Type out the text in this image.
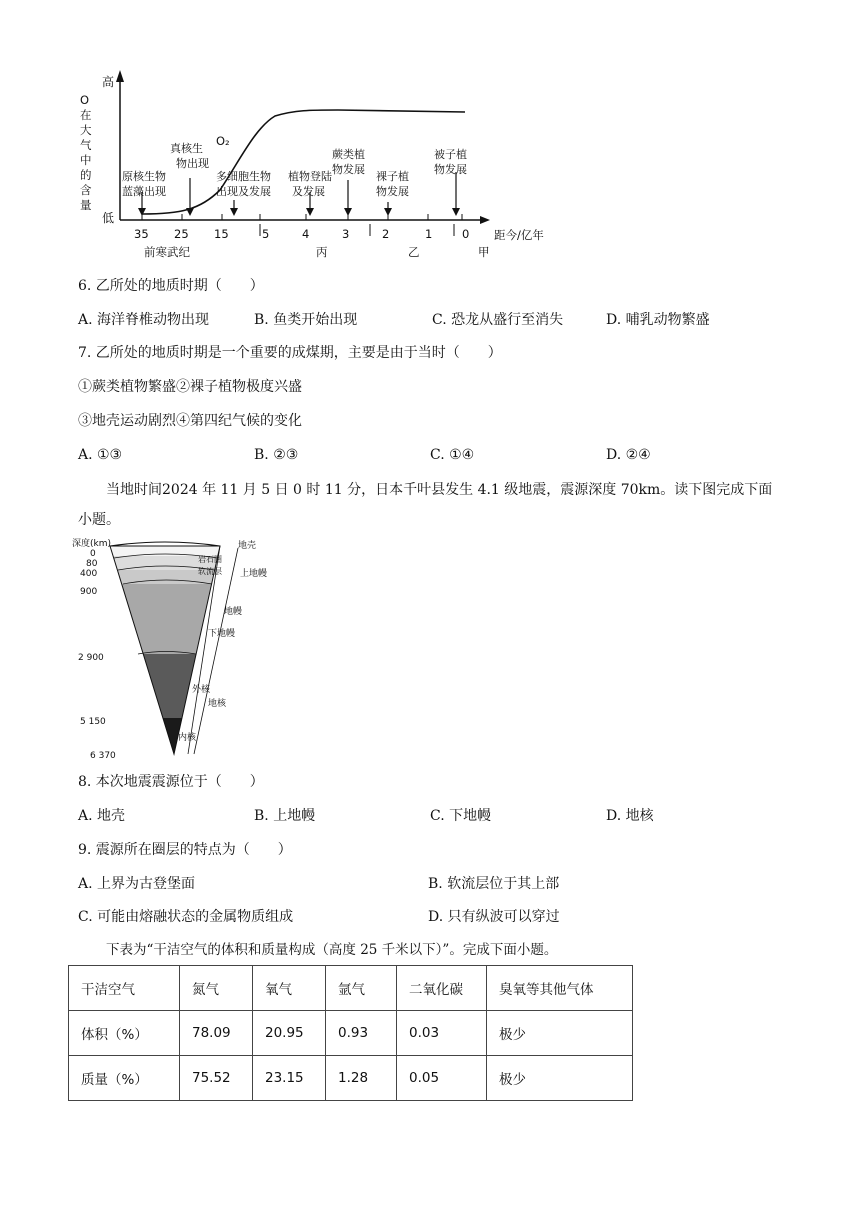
高
低
O
在
大
气
中
的
含
量
35 25 15	5	4	3	2	1	0 距今/亿年
前寒武纪	丙	乙	甲
O₂
原核生物
蓝藻出现
真核生
物出现
多细胞生物
出现及发展
植物登陆
及发展
蕨类植
物发展
裸子植
物发展
被子植
物发展
6. 乙所处的地质时期（　　）
A. 海洋脊椎动物出现	B. 鱼类开始出现	C. 恐龙从盛行至消失	D. 哺乳动物繁盛
7. 乙所处的地质时期是一个重要的成煤期，主要是由于当时（　　）
①蕨类植物繁盛②裸子植物极度兴盛
③地壳运动剧烈④第四纪气候的变化
A. ①③	B. ②③	C. ①④	D. ②④
当地时间2024 年 11 月 5 日 0 时 11 分，日本千叶县发生 4.1 级地震，震源深度 70km。读下图完成下面
小题。
深度(km)
0
80
400
900
2 900
5 150
6 370
地壳
岩石圈
软流层 上地幔
地幔
下地幔
外核
地核
内核
8. 本次地震震源位于（　　）
A. 地壳	B. 上地幔	C. 下地幔	D. 地核
9. 震源所在圈层的特点为（　　）
A. 上界为古登堡面	B. 软流层位于其上部
C. 可能由熔融状态的金属物质组成	D. 只有纵波可以穿过
下表为“干洁空气的体积和质量构成（高度 25 千米以下）”。完成下面小题。
干洁空气	氮气	氧气	氩气	二氧化碳	臭氧等其他气体
体积（%）	78.09	20.95	0.93	0.03	极少
质量（%）	75.52	23.15	1.28	0.05	极少
